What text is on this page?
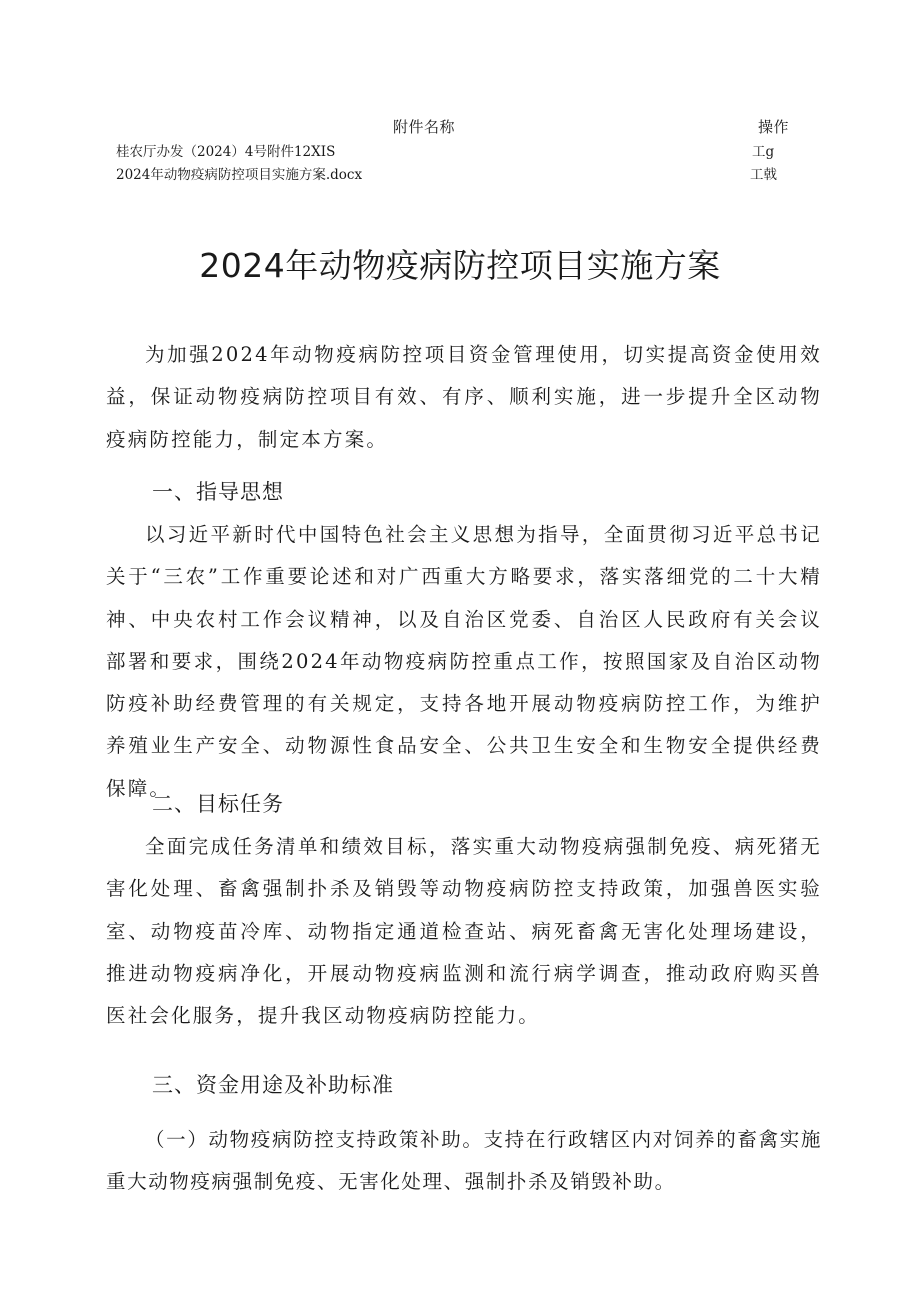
附件名称	操作
桂农厅办发（2024）4号附件12XIS	工g
2024年动物疫病防控项目实施方案.docx	工戟
2024年动物疫病防控项目实施方案

为加强2024年动物疫病防控项目资金管理使用，切实提高资金使用效益，保证动物疫病防控项目有效、有序、顺利实施，进一步提升全区动物疫病防控能力，制定本方案。

一、指导思想

以习近平新时代中国特色社会主义思想为指导，全面贯彻习近平总书记关于“三农”工作重要论述和对广西重大方略要求，落实落细党的二十大精神、中央农村工作会议精神，以及自治区党委、自治区人民政府有关会议部署和要求，围绕2024年动物疫病防控重点工作，按照国家及自治区动物防疫补助经费管理的有关规定，支持各地开展动物疫病防控工作，为维护养殖业生产安全、动物源性食品安全、公共卫生安全和生物安全提供经费保障。

二、目标任务

全面完成任务清单和绩效目标，落实重大动物疫病强制免疫、病死猪无害化处理、畜禽强制扑杀及销毁等动物疫病防控支持政策，加强兽医实验室、动物疫苗冷库、动物指定通道检查站、病死畜禽无害化处理场建设，推进动物疫病净化，开展动物疫病监测和流行病学调查，推动政府购买兽医社会化服务，提升我区动物疫病防控能力。

三、资金用途及补助标准

（一）动物疫病防控支持政策补助。支持在行政辖区内对饲养的畜禽实施重大动物疫病强制免疫、无害化处理、强制扑杀及销毁补助。
